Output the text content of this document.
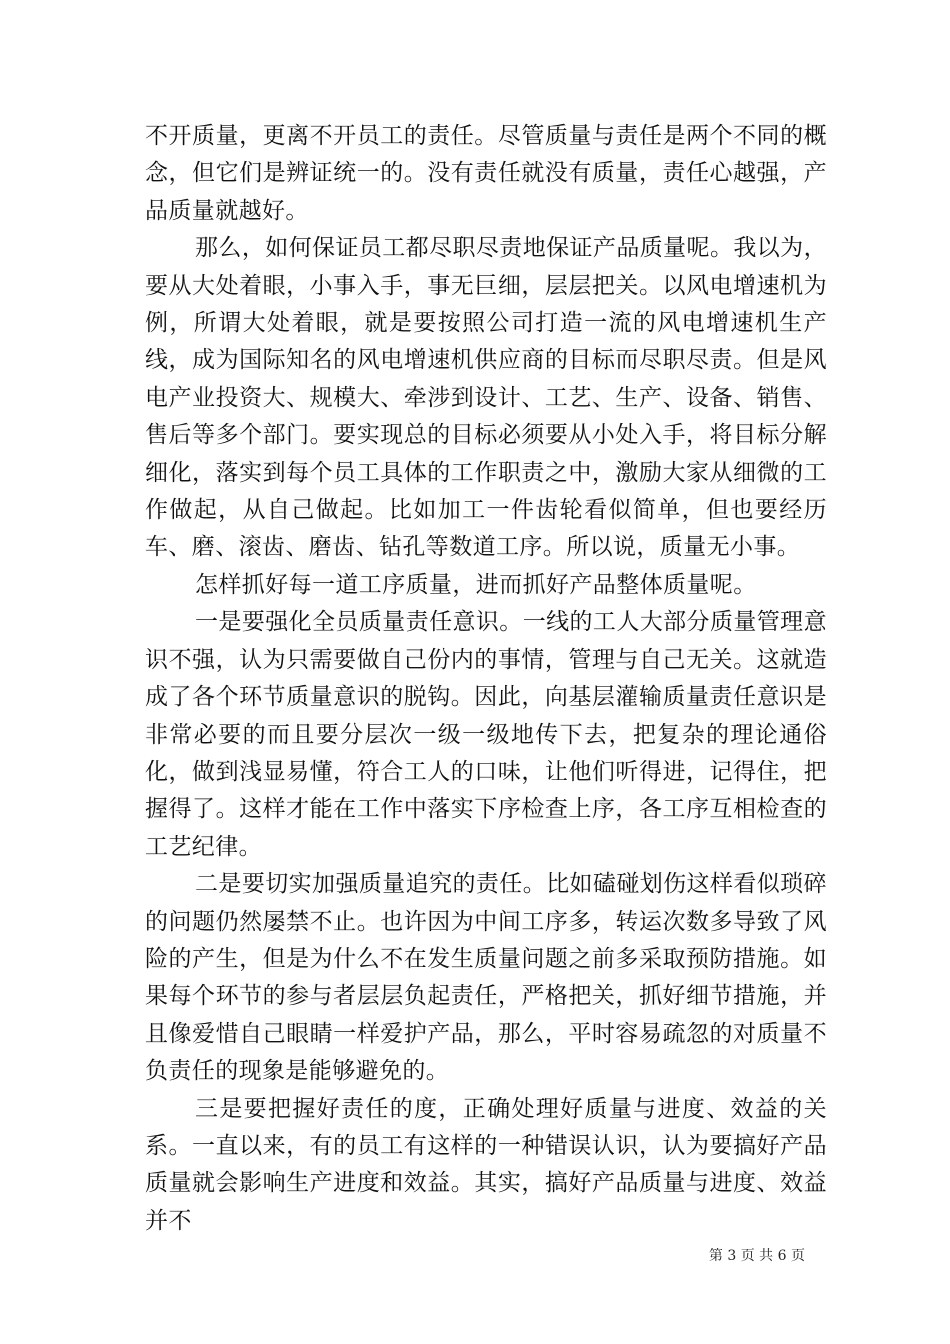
不开质量，更离不开员工的责任。尽管质量与责任是两个不同的概念，但它们是辨证统一的。没有责任就没有质量，责任心越强，产品质量就越好。

那么，如何保证员工都尽职尽责地保证产品质量呢。我以为，要从大处着眼，小事入手，事无巨细，层层把关。以风电增速机为例，所谓大处着眼，就是要按照公司打造一流的风电增速机生产线，成为国际知名的风电增速机供应商的目标而尽职尽责。但是风电产业投资大、规模大、牵涉到设计、工艺、生产、设备、销售、售后等多个部门。要实现总的目标必须要从小处入手，将目标分解细化，落实到每个员工具体的工作职责之中，激励大家从细微的工作做起，从自己做起。比如加工一件齿轮看似简单，但也要经历车、磨、滚齿、磨齿、钻孔等数道工序。所以说，质量无小事。

怎样抓好每一道工序质量，进而抓好产品整体质量呢。

一是要强化全员质量责任意识。一线的工人大部分质量管理意识不强，认为只需要做自己份内的事情，管理与自己无关。这就造成了各个环节质量意识的脱钩。因此，向基层灌输质量责任意识是非常必要的而且要分层次一级一级地传下去，把复杂的理论通俗化，做到浅显易懂，符合工人的口味，让他们听得进，记得住，把握得了。这样才能在工作中落实下序检查上序，各工序互相检查的工艺纪律。

二是要切实加强质量追究的责任。比如磕碰划伤这样看似琐碎的问题仍然屡禁不止。也许因为中间工序多，转运次数多导致了风险的产生，但是为什么不在发生质量问题之前多采取预防措施。如果每个环节的参与者层层负起责任，严格把关，抓好细节措施，并且像爱惜自己眼睛一样爱护产品，那么，平时容易疏忽的对质量不负责任的现象是能够避免的。

三是要把握好责任的度，正确处理好质量与进度、效益的关系。一直以来，有的员工有这样的一种错误认识，认为要搞好产品质量就会影响生产进度和效益。其实，搞好产品质量与进度、效益并不

第 3 页 共 6 页
